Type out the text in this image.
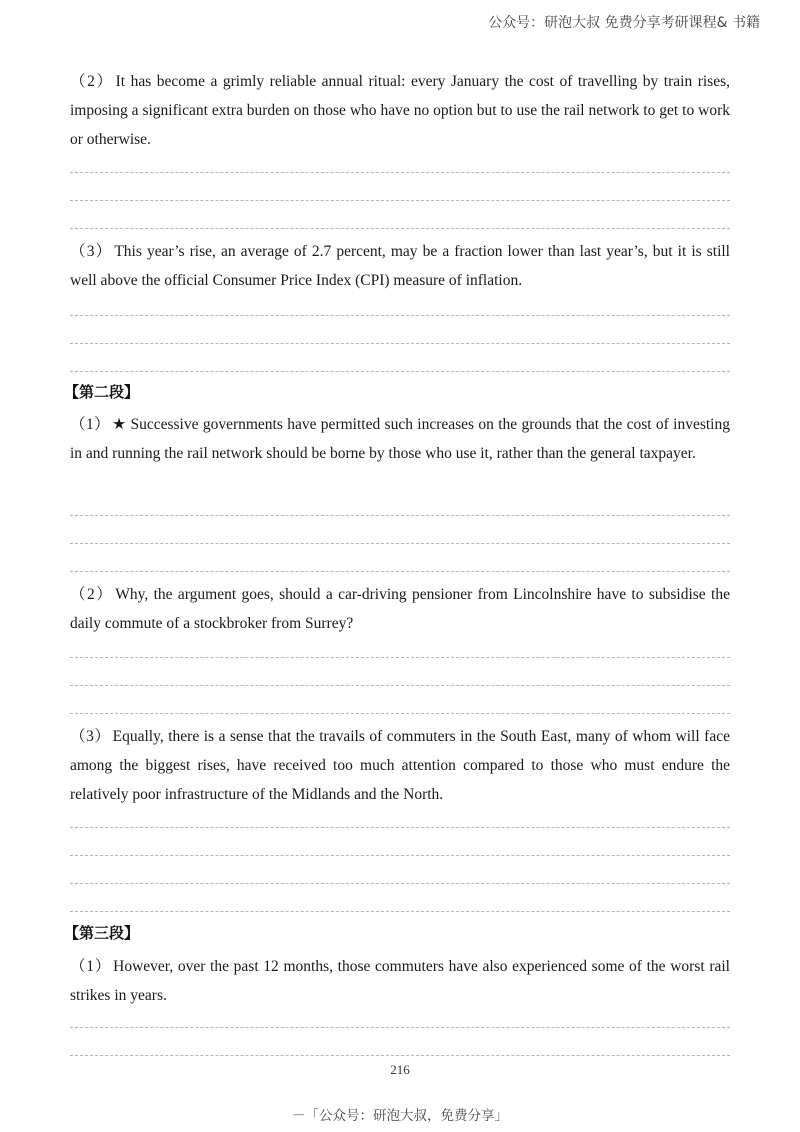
公众号：研泡大叔 免费分享考研课程& 书籍

（2） It has become a grimly reliable annual ritual: every January the cost of travelling by train rises, imposing a significant extra burden on those who have no option but to use the rail network to get to work or otherwise.

（3） This year’s rise, an average of 2.7 percent, may be a fraction lower than last year’s, but it is still well above the official Consumer Price Index (CPI) measure of inflation.

【第二段】

（1） ★ Successive governments have permitted such increases on the grounds that the cost of investing in and running the rail network should be borne by those who use it, rather than the general taxpayer.

（2） Why, the argument goes, should a car-driving pensioner from Lincolnshire have to subsidise the daily commute of a stockbroker from Surrey?

（3） Equally, there is a sense that the travails of commuters in the South East, many of whom will face among the biggest rises, have received too much attention compared to those who must endure the relatively poor infrastructure of the Midlands and the North.

【第三段】

（1） However, over the past 12 months, those commuters have also experienced some of the worst rail strikes in years.

216
－「公众号：研泡大叔，免费分享」
